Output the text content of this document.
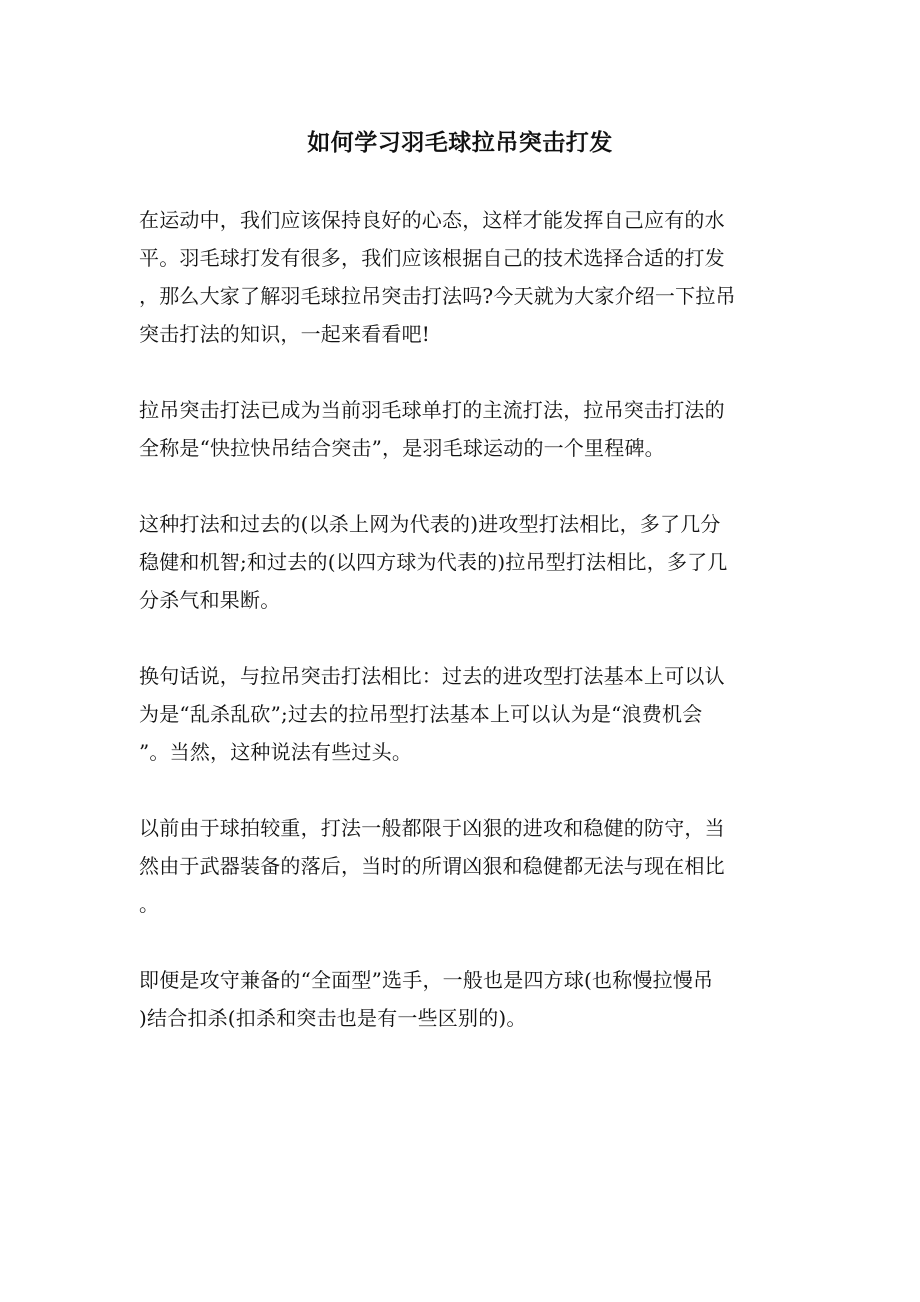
如何学习羽毛球拉吊突击打发

在运动中，我们应该保持良好的心态，这样才能发挥自己应有的水
平。羽毛球打发有很多，我们应该根据自己的技术选择合适的打发
，那么大家了解羽毛球拉吊突击打法吗?今天就为大家介绍一下拉吊
突击打法的知识，一起来看看吧!

拉吊突击打法已成为当前羽毛球单打的主流打法，拉吊突击打法的
全称是“快拉快吊结合突击”，是羽毛球运动的一个里程碑。

这种打法和过去的(以杀上网为代表的)进攻型打法相比，多了几分
稳健和机智;和过去的(以四方球为代表的)拉吊型打法相比，多了几
分杀气和果断。

换句话说，与拉吊突击打法相比：过去的进攻型打法基本上可以认
为是“乱杀乱砍”;过去的拉吊型打法基本上可以认为是“浪费机会
”。当然，这种说法有些过头。

以前由于球拍较重，打法一般都限于凶狠的进攻和稳健的防守，当
然由于武器装备的落后，当时的所谓凶狠和稳健都无法与现在相比
。

即便是攻守兼备的“全面型”选手，一般也是四方球(也称慢拉慢吊
)结合扣杀(扣杀和突击也是有一些区别的)。
